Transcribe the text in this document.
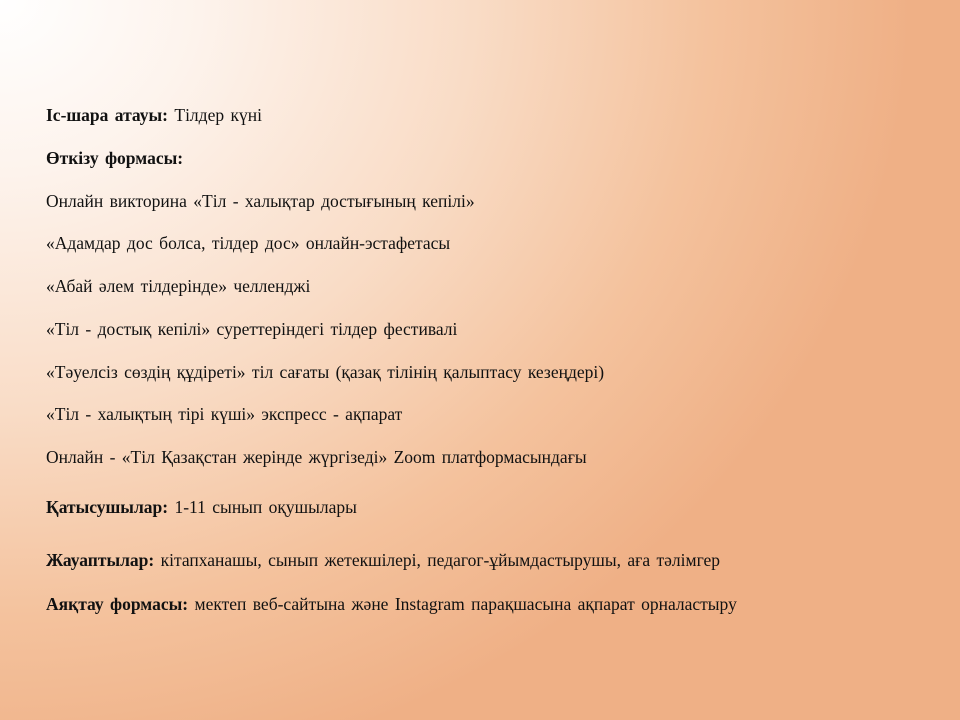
Іс-шара атауы: Тілдер күні
Өткізу формасы:
Онлайн викторина «Тіл - халықтар достығының кепілі»
«Адамдар дос болса, тілдер дос» онлайн-эстафетасы
«Абай әлем тілдерінде» челленджі
«Тіл - достық кепілі» суреттеріндегі тілдер фестивалі
«Тәуелсіз сөздің құдіреті» тіл сағаты (қазақ тілінің қалыптасу кезеңдері)
«Тіл - халықтың тірі күші» экспресс - ақпарат
Онлайн - «Тіл Қазақстан жерінде жүргізеді» Zoom платформасындағы
Қатысушылар: 1-11 сынып оқушылары
Жауаптылар: кітапханашы, сынып жетекшілері, педагог-ұйымдастырушы, аға тәлімгер
Аяқтау формасы: мектеп веб-сайтына және Instagram парақшасына ақпарат орналастыру
